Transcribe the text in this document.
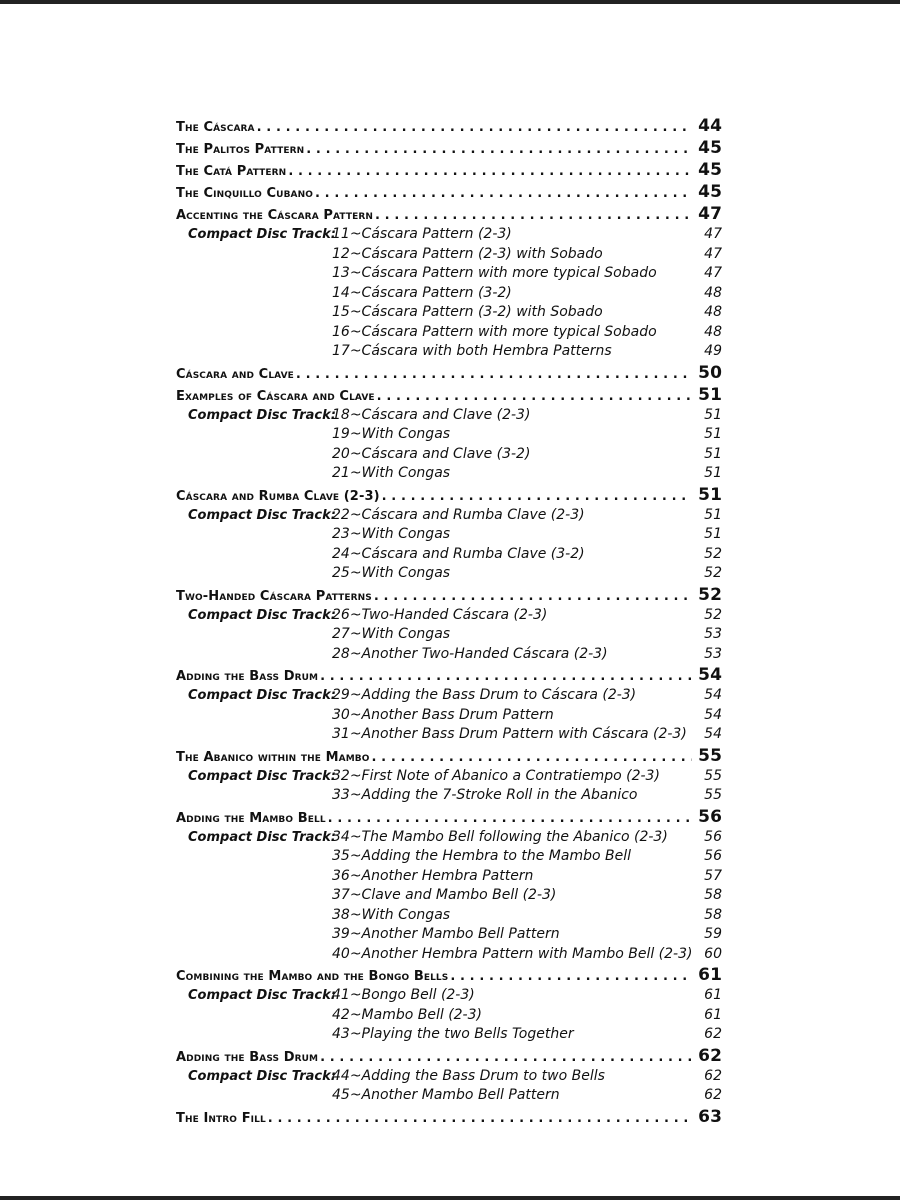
The Cáscara . . .	44
The Palitos Pattern . . .	45
The Catá Pattern . . .	45
The Cinquillo Cubano . . .	45
Accenting the Cáscara Pattern . . .	47
Compact Disc Track:
11~Cáscara Pattern (2-3)	47
12~Cáscara Pattern (2-3) with Sobado	47
13~Cáscara Pattern with more typical Sobado	47
14~Cáscara Pattern (3-2)	48
15~Cáscara Pattern (3-2) with Sobado	48
16~Cáscara Pattern with more typical Sobado	48
17~Cáscara with both Hembra Patterns	49
Cáscara and Clave . . .	50
Examples of Cáscara and Clave . . .	51
Compact Disc Track:
18~Cáscara and Clave (2-3)	51
19~With Congas	51
20~Cáscara and Clave (3-2)	51
21~With Congas	51
Cáscara and Rumba Clave (2-3) . . .	51
Compact Disc Track:
22~Cáscara and Rumba Clave (2-3)	51
23~With Congas	51
24~Cáscara and Rumba Clave (3-2)	52
25~With Congas	52
Two-Handed Cáscara Patterns . . .	52
Compact Disc Track:
26~Two-Handed Cáscara (2-3)	52
27~With Congas	53
28~Another Two-Handed Cáscara (2-3)	53
Adding the Bass Drum . . .	54
Compact Disc Track:
29~Adding the Bass Drum to Cáscara (2-3)	54
30~Another Bass Drum Pattern	54
31~Another Bass Drum Pattern with Cáscara (2-3)	54
The Abanico within the Mambo . . .	55
Compact Disc Track:
32~First Note of Abanico a Contratiempo (2-3)	55
33~Adding the 7-Stroke Roll in the Abanico	55
Adding the Mambo Bell . . .	56
Compact Disc Track:
34~The Mambo Bell following the Abanico (2-3)	56
35~Adding the Hembra to the Mambo Bell	56
36~Another Hembra Pattern	57
37~Clave and Mambo Bell (2-3)	58
38~With Congas	58
39~Another Mambo Bell Pattern	59
40~Another Hembra Pattern with Mambo Bell (2-3) 60
Combining the Mambo and the Bongo Bells . . .	61
Compact Disc Track:
41~Bongo Bell (2-3)	61
42~Mambo Bell (2-3)	61
43~Playing the two Bells Together	62
Adding the Bass Drum . . .	62
Compact Disc Track:
44~Adding the Bass Drum to two Bells	62
45~Another Mambo Bell Pattern	62
The Intro Fill . . .	63
